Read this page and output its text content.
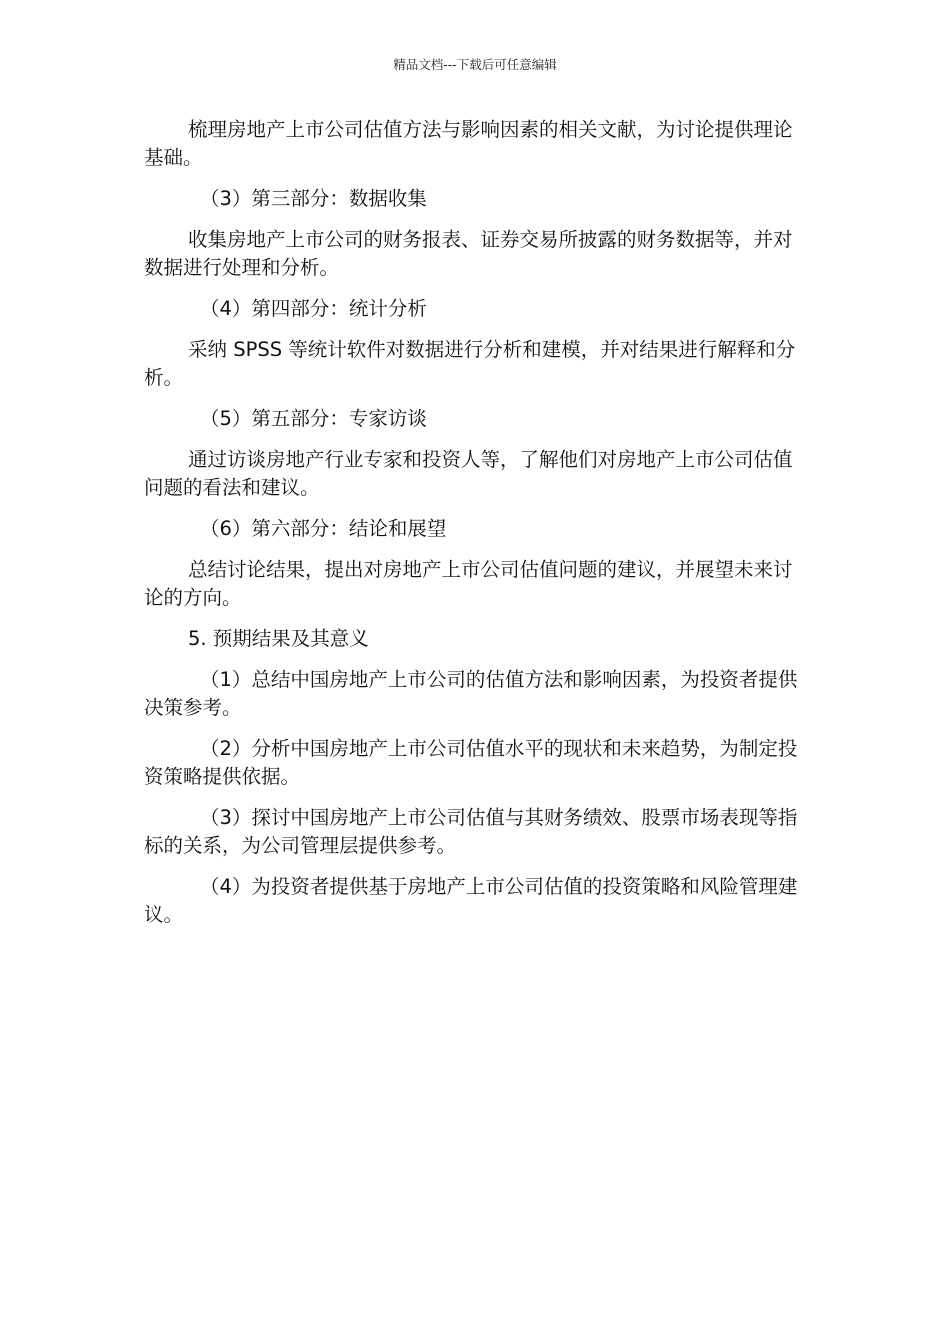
精品文档---下载后可任意编辑

梳理房地产上市公司估值方法与影响因素的相关文献，为讨论提供理论基础。

（3）第三部分：数据收集

收集房地产上市公司的财务报表、证券交易所披露的财务数据等，并对数据进行处理和分析。

（4）第四部分：统计分析

采纳 SPSS 等统计软件对数据进行分析和建模，并对结果进行解释和分析。

（5）第五部分：专家访谈

通过访谈房地产行业专家和投资人等，了解他们对房地产上市公司估值问题的看法和建议。

（6）第六部分：结论和展望

总结讨论结果，提出对房地产上市公司估值问题的建议，并展望未来讨论的方向。

5. 预期结果及其意义

（1）总结中国房地产上市公司的估值方法和影响因素，为投资者提供决策参考。

（2）分析中国房地产上市公司估值水平的现状和未来趋势，为制定投资策略提供依据。

（3）探讨中国房地产上市公司估值与其财务绩效、股票市场表现等指标的关系，为公司管理层提供参考。

（4）为投资者提供基于房地产上市公司估值的投资策略和风险管理建议。
